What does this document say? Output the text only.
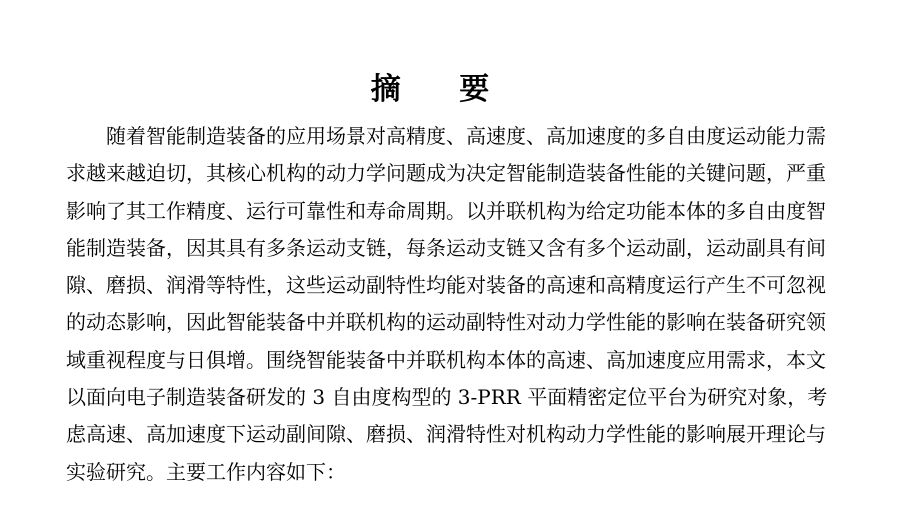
摘 要
随着智能制造装备的应用场景对高精度、高速度、高加速度的多自由度运动能力需
求越来越迫切，其核心机构的动力学问题成为决定智能制造装备性能的关键问题，严重
影响了其工作精度、运行可靠性和寿命周期。以并联机构为给定功能本体的多自由度智
能制造装备，因其具有多条运动支链，每条运动支链又含有多个运动副，运动副具有间
隙、磨损、润滑等特性，这些运动副特性均能对装备的高速和高精度运行产生不可忽视
的动态影响，因此智能装备中并联机构的运动副特性对动力学性能的影响在装备研究领
域重视程度与日俱增。围绕智能装备中并联机构本体的高速、高加速度应用需求，本文
以面向电子制造装备研发的 3 自由度构型的 3-PRR 平面精密定位平台为研究对象，考
虑高速、高加速度下运动副间隙、磨损、润滑特性对机构动力学性能的影响展开理论与
实验研究。主要工作内容如下：
